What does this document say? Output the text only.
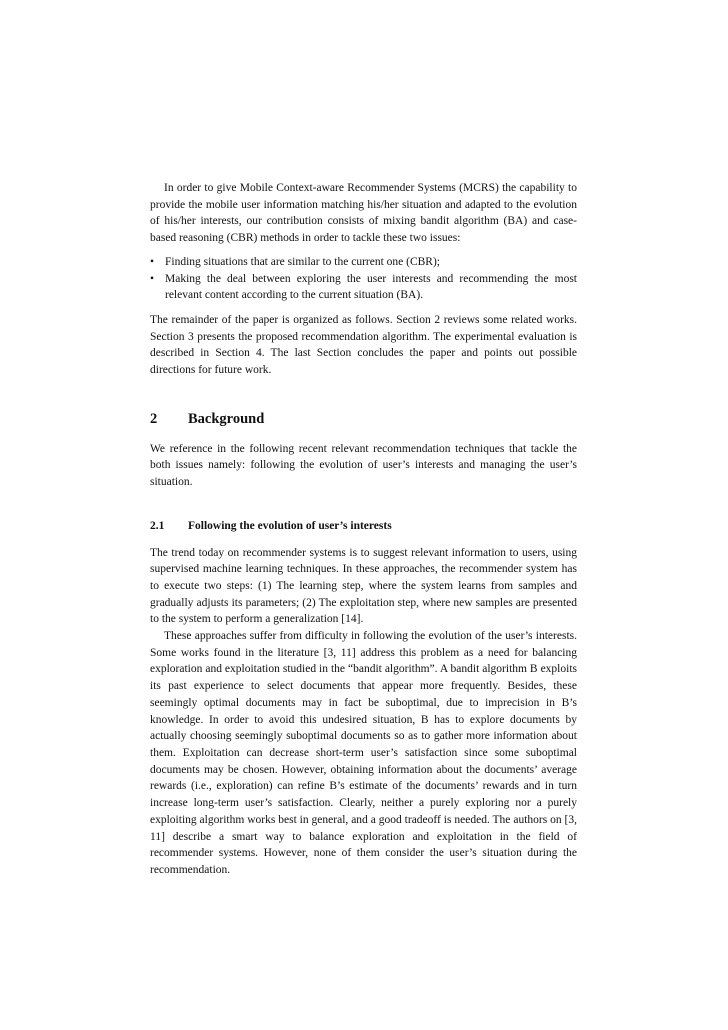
In order to give Mobile Context-aware Recommender Systems (MCRS) the capability to provide the mobile user information matching his/her situation and adapted to the evolution of his/her interests, our contribution consists of mixing bandit algorithm (BA) and case-based reasoning (CBR) methods in order to tackle these two issues:

• Finding situations that are similar to the current one (CBR);
• Making the deal between exploring the user interests and recommending the most relevant content according to the current situation (BA).

The remainder of the paper is organized as follows. Section 2 reviews some related works. Section 3 presents the proposed recommendation algorithm. The experimental evaluation is described in Section 4. The last Section concludes the paper and points out possible directions for future work.

2 Background

We reference in the following recent relevant recommendation techniques that tackle the both issues namely: following the evolution of user’s interests and managing the user’s situation.

2.1 Following the evolution of user’s interests

The trend today on recommender systems is to suggest relevant information to users, using supervised machine learning techniques. In these approaches, the recommender system has to execute two steps: (1) The learning step, where the system learns from samples and gradually adjusts its parameters; (2) The exploitation step, where new samples are presented to the system to perform a generalization [14].

These approaches suffer from difficulty in following the evolution of the user’s interests. Some works found in the literature [3, 11] address this problem as a need for balancing exploration and exploitation studied in the “bandit algorithm”. A bandit algorithm B exploits its past experience to select documents that appear more frequently. Besides, these seemingly optimal documents may in fact be suboptimal, due to imprecision in B’s knowledge. In order to avoid this undesired situation, B has to explore documents by actually choosing seemingly suboptimal documents so as to gather more information about them. Exploitation can decrease short-term user’s satisfaction since some suboptimal documents may be chosen. However, obtaining information about the documents’ average rewards (i.e., exploration) can refine B’s estimate of the documents’ rewards and in turn increase long-term user’s satisfaction. Clearly, neither a purely exploring nor a purely exploiting algorithm works best in general, and a good tradeoff is needed. The authors on [3, 11] describe a smart way to balance exploration and exploitation in the field of recommender systems. However, none of them consider the user’s situation during the recommendation.
